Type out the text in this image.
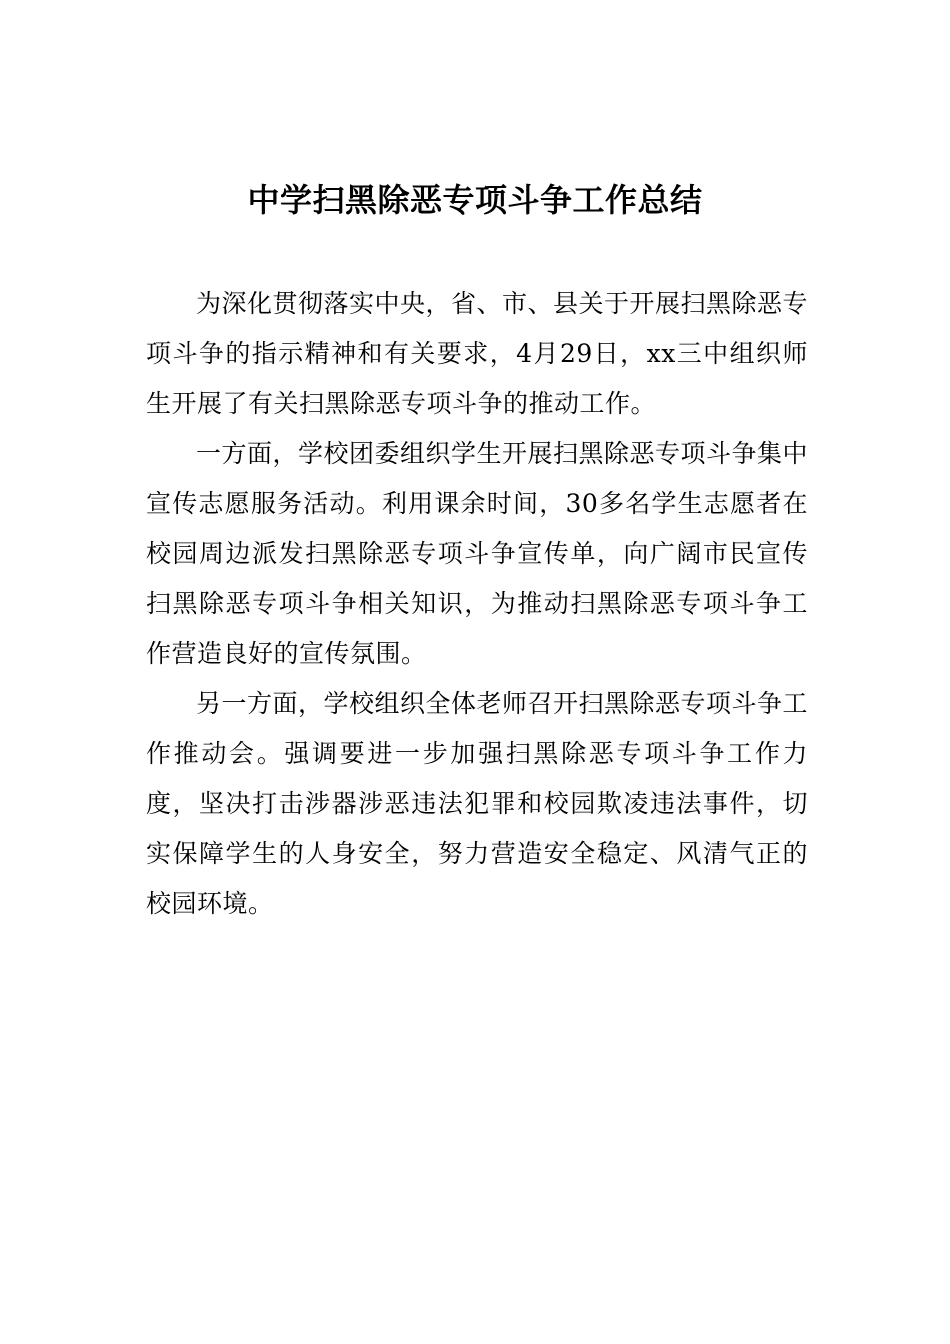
中学扫黑除恶专项斗争工作总结

为深化贯彻落实中央，省、市、县关于开展扫黑除恶专项斗争的指示精神和有关要求，4月29日，xx三中组织师生开展了有关扫黑除恶专项斗争的推动工作。

一方面，学校团委组织学生开展扫黑除恶专项斗争集中宣传志愿服务活动。利用课余时间，30多名学生志愿者在校园周边派发扫黑除恶专项斗争宣传单，向广阔市民宣传扫黑除恶专项斗争相关知识，为推动扫黑除恶专项斗争工作营造良好的宣传氛围。

另一方面，学校组织全体老师召开扫黑除恶专项斗争工作推动会。强调要进一步加强扫黑除恶专项斗争工作力度，坚决打击涉器涉恶违法犯罪和校园欺凌违法事件，切实保障学生的人身安全，努力营造安全稳定、风清气正的校园环境。
